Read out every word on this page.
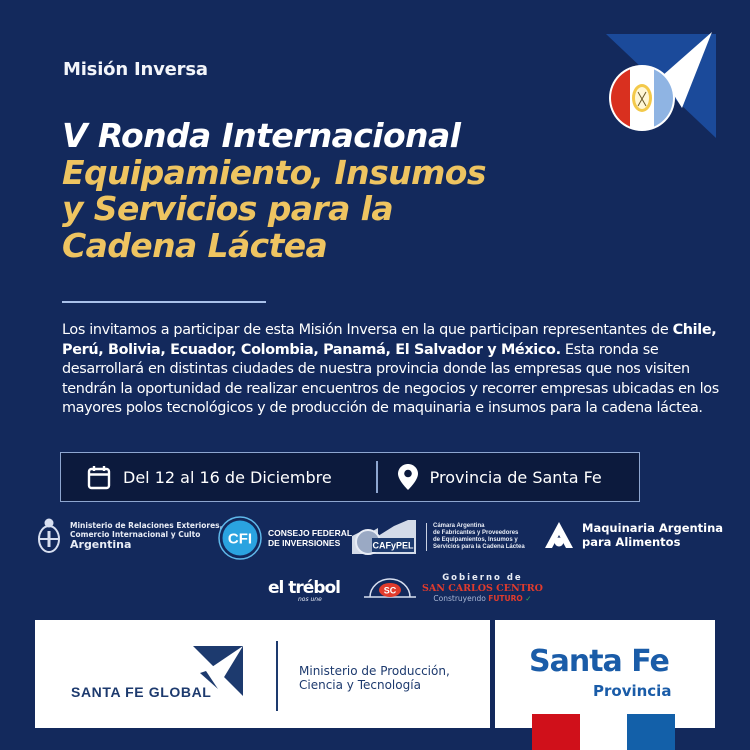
Misión Inversa
V Ronda Internacional
Equipamiento, Insumos
y Servicios para la
Cadena Láctea

Los invitamos a participar de esta Misión Inversa en la que participan representantes de Chile, Perú, Bolivia, Ecuador, Colombia, Panamá, El Salvador y México. Esta ronda se desarrollará en distintas ciudades de nuestra provincia donde las empresas que nos visiten tendrán la oportunidad de realizar encuentros de negocios y recorrer empresas ubicadas en los mayores polos tecnológicos y de producción de maquinaria e insumos para la cadena láctea.

Del 12 al 16 de Diciembre	Provincia de Santa Fe
Ministerio de Relaciones Exteriores,
Comercio Internacional y Culto
Argentina	CFI CONSEJO FEDERAL
DE INVERSIONES	CAFyPEL
Cámara Argentina
de Fabricantes y Proveedores
de Equipamientos, Insumos y
Servicios para la Cadena Láctea
Maquinaria Argentina
para Alimentos
el trébol
nos une
SC
Gobierno de
SAN CARLOS CENTRO
Construyendo FUTURO ✓
SANTA FE GLOBAL
Ministerio de Producción,
Ciencia y Tecnología
Santa Fe
Provincia
